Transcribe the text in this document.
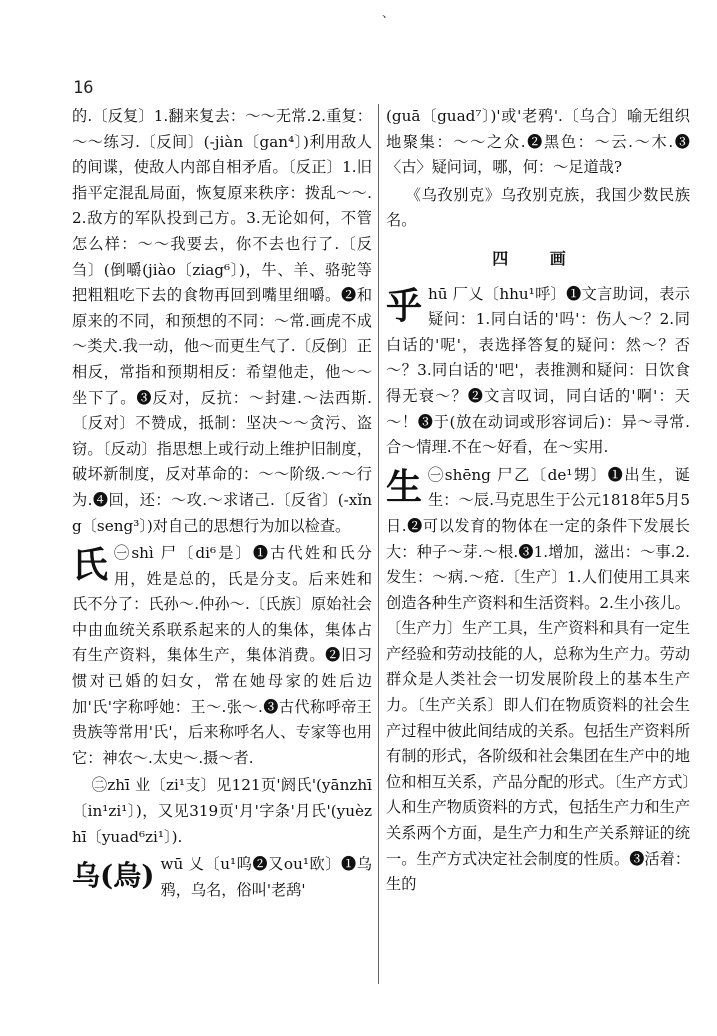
、
16

的.〔反复〕1.翻来复去：～～无常.2.重复：～～练习.〔反间〕(-jiàn〔gan⁴〕)利用敌人的间谍，使敌人内部自相矛盾。〔反正〕1.旧指平定混乱局面，恢复原来秩序：拨乱～～.2.敌方的军队投到己方。3.无论如何，不管怎么样：～～我要去，你不去也行了.〔反刍〕(倒嚼(jiào〔ziag⁶〕)，牛、羊、骆驼等把粗粗吃下去的食物再回到嘴里细嚼。❷和原来的不同，和预想的不同：～常.画虎不成～类犬.我一动，他～而更生气了.〔反倒〕正相反，常指和预期相反：希望他走，他～～坐下了。❸反对，反抗：～封建.～法西斯.〔反对〕不赞成，抵制：坚决～～贪污、盗窃。〔反动〕指思想上或行动上维护旧制度，破坏新制度，反对革命的：～～阶级.～～行为.❹回，还：～攻.～求诸己.〔反省〕(-xǐng〔seng³〕)对自己的思想行为加以检查。

氏 ㊀shì 尸〔di⁶是〕❶古代姓和氏分用，姓是总的，氏是分支。后来姓和氏不分了：氏孙～.仲孙～.〔氏族〕原始社会中由血统关系联系起来的人的集体，集体占有生产资料，集体生产，集体消费。❷旧习惯对已婚的妇女，常在她母家的姓后边加'氏'字称呼她：王～.张～.❸古代称呼帝王贵族等常用'氏'，后来称呼名人、专家等也用它：神农～.太史～.摄～者.

㊁zhī 业〔zi¹支〕见121页'阏氏'(yānzhī〔in¹zi¹〕)，又见319页'月'字条'月氏'(yuèzhī〔yuad⁶zi¹〕).

乌(烏) wū 乂〔u¹呜❷又ou¹欧〕❶乌鸦，乌名，俗叫'老鸹'

(guā〔guad⁷〕)'或'老鸦'.〔乌合〕喻无组织地聚集：～～之众.❷黑色：～云.～木.❸〈古〉疑问词，哪，何：～足道哉?

《乌孜别克》乌孜别克族，我国少数民族名。

四 画

乎 hū 厂乂〔hhu¹呼〕❶文言助词，表示疑问：1.同白话的'吗'：伤人～？2.同白话的'呢'，表选择答复的疑问：然～？否～？3.同白话的'吧'，表推测和疑问：日饮食得无衰～？❷文言叹词，同白话的'啊'：天～！❸于(放在动词或形容词后)：异～寻常.合～情理.不在～好看，在～实用.

生 ㊀shēng 尸乙〔de¹甥〕❶出生，诞生：～辰.马克思生于公元1818年5月5日.❷可以发育的物体在一定的条件下发展长大：种子～芽.～根.❸1.增加，滋出：～事.2.发生：～病.～疮.〔生产〕1.人们使用工具来创造各种生产资料和生活资料。2.生小孩儿。〔生产力〕生产工具，生产资料和具有一定生产经验和劳动技能的人，总称为生产力。劳动群众是人类社会一切发展阶段上的基本生产力。〔生产关系〕即人们在物质资料的社会生产过程中彼此间结成的关系。包括生产资料所有制的形式，各阶级和社会集团在生产中的地位和相互关系，产品分配的形式。〔生产方式〕人和生产物质资料的方式，包括生产力和生产关系两个方面，是生产力和生产关系辩证的统一。生产方式决定社会制度的性质。❸活着：生的
